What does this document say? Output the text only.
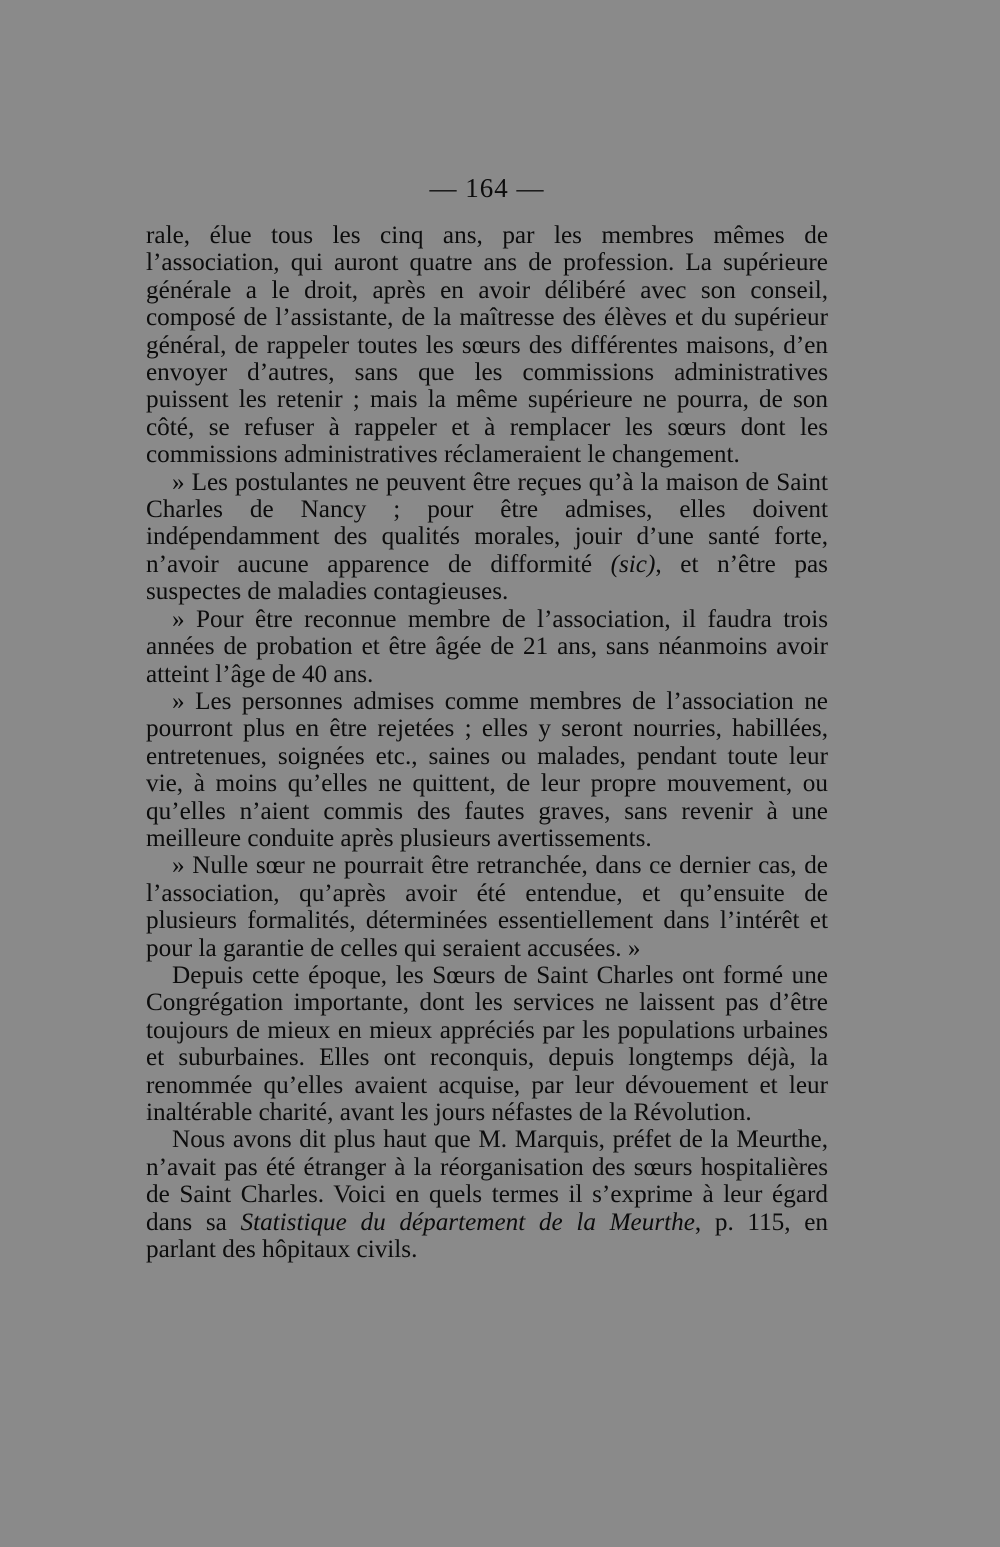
— 164 —

rale, élue tous les cinq ans, par les membres mêmes de l’association, qui auront quatre ans de profession. La supérieure générale a le droit, après en avoir délibéré avec son conseil, composé de l’assistante, de la maîtresse des élèves et du supérieur général, de rappeler toutes les sœurs des différentes maisons, d’en envoyer d’autres, sans que les commissions administratives puissent les retenir ; mais la même supérieure ne pourra, de son côté, se refuser à rappeler et à remplacer les sœurs dont les commissions administratives réclameraient le changement.

» Les postulantes ne peuvent être reçues qu’à la maison de Saint Charles de Nancy ; pour être admises, elles doivent indépendamment des qualités morales, jouir d’une santé forte, n’avoir aucune apparence de difformité (sic), et n’être pas suspectes de maladies contagieuses.

» Pour être reconnue membre de l’association, il faudra trois années de probation et être âgée de 21 ans, sans néanmoins avoir atteint l’âge de 40 ans.

» Les personnes admises comme membres de l’association ne pourront plus en être rejetées ; elles y seront nourries, habillées, entretenues, soignées etc., saines ou malades, pendant toute leur vie, à moins qu’elles ne quittent, de leur propre mouvement, ou qu’elles n’aient commis des fautes graves, sans revenir à une meilleure conduite après plusieurs avertissements.

» Nulle sœur ne pourrait être retranchée, dans ce dernier cas, de l’association, qu’après avoir été entendue, et qu’ensuite de plusieurs formalités, déterminées essentiellement dans l’intérêt et pour la garantie de celles qui seraient accusées. »

Depuis cette époque, les Sœurs de Saint Charles ont formé une Congrégation importante, dont les services ne laissent pas d’être toujours de mieux en mieux appréciés par les populations urbaines et suburbaines. Elles ont reconquis, depuis longtemps déjà, la renommée qu’elles avaient acquise, par leur dévouement et leur inaltérable charité, avant les jours néfastes de la Révolution.

Nous avons dit plus haut que M. Marquis, préfet de la Meurthe, n’avait pas été étranger à la réorganisation des sœurs hospitalières de Saint Charles. Voici en quels termes il s’exprime à leur égard dans sa Statistique du département de la Meurthe, p. 115, en parlant des hôpitaux civils.
